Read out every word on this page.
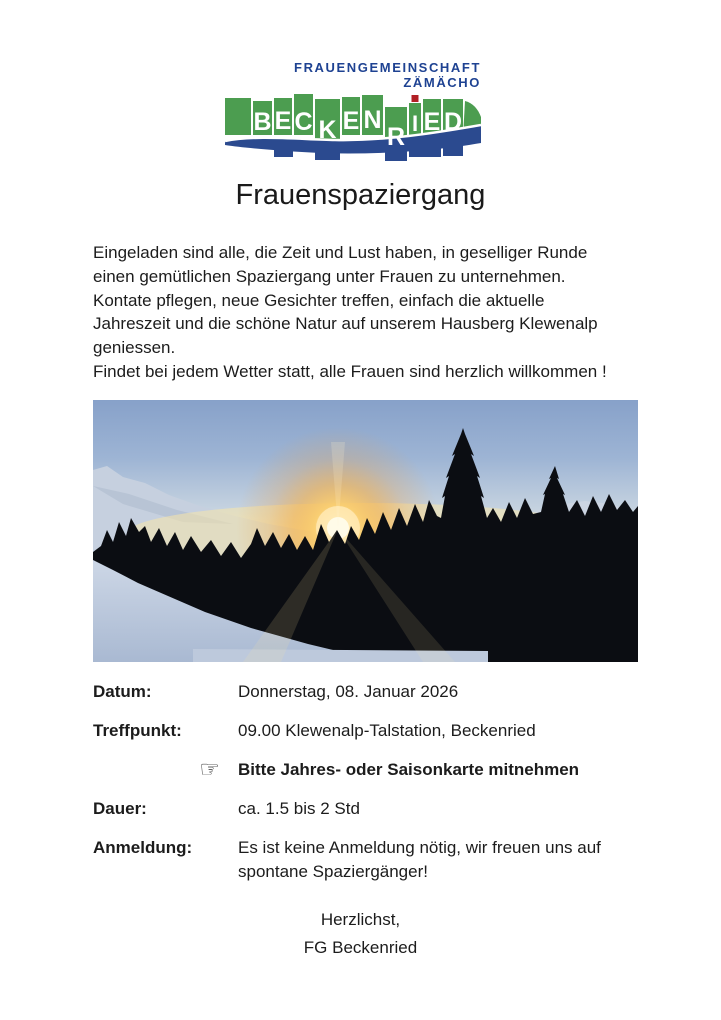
FRAUENGEMEINSCHAFT
ZÄMÄCHO
B E C K E N
R I E D
Frauenspaziergang

Eingeladen sind alle, die Zeit und Lust haben, in geselliger Runde
einen gemütlichen Spaziergang unter Frauen zu unternehmen.
Kontate pflegen, neue Gesichter treffen, einfach die aktuelle
Jahreszeit und die schöne Natur auf unserem Hausberg Klewenalp
geniessen.
Findet bei jedem Wetter statt, alle Frauen sind herzlich willkommen !

Datum:	Donnerstag, 08. Januar 2026
Treffpunkt:	09.00 Klewenalp-Talstation, Beckenried
☞	Bitte Jahres- oder Saisonkarte mitnehmen
Dauer:	ca. 1.5 bis 2 Std
Anmeldung:	Es ist keine Anmeldung nötig, wir freuen uns auf
spontane Spaziergänger!
Herzlichst,
FG Beckenried
